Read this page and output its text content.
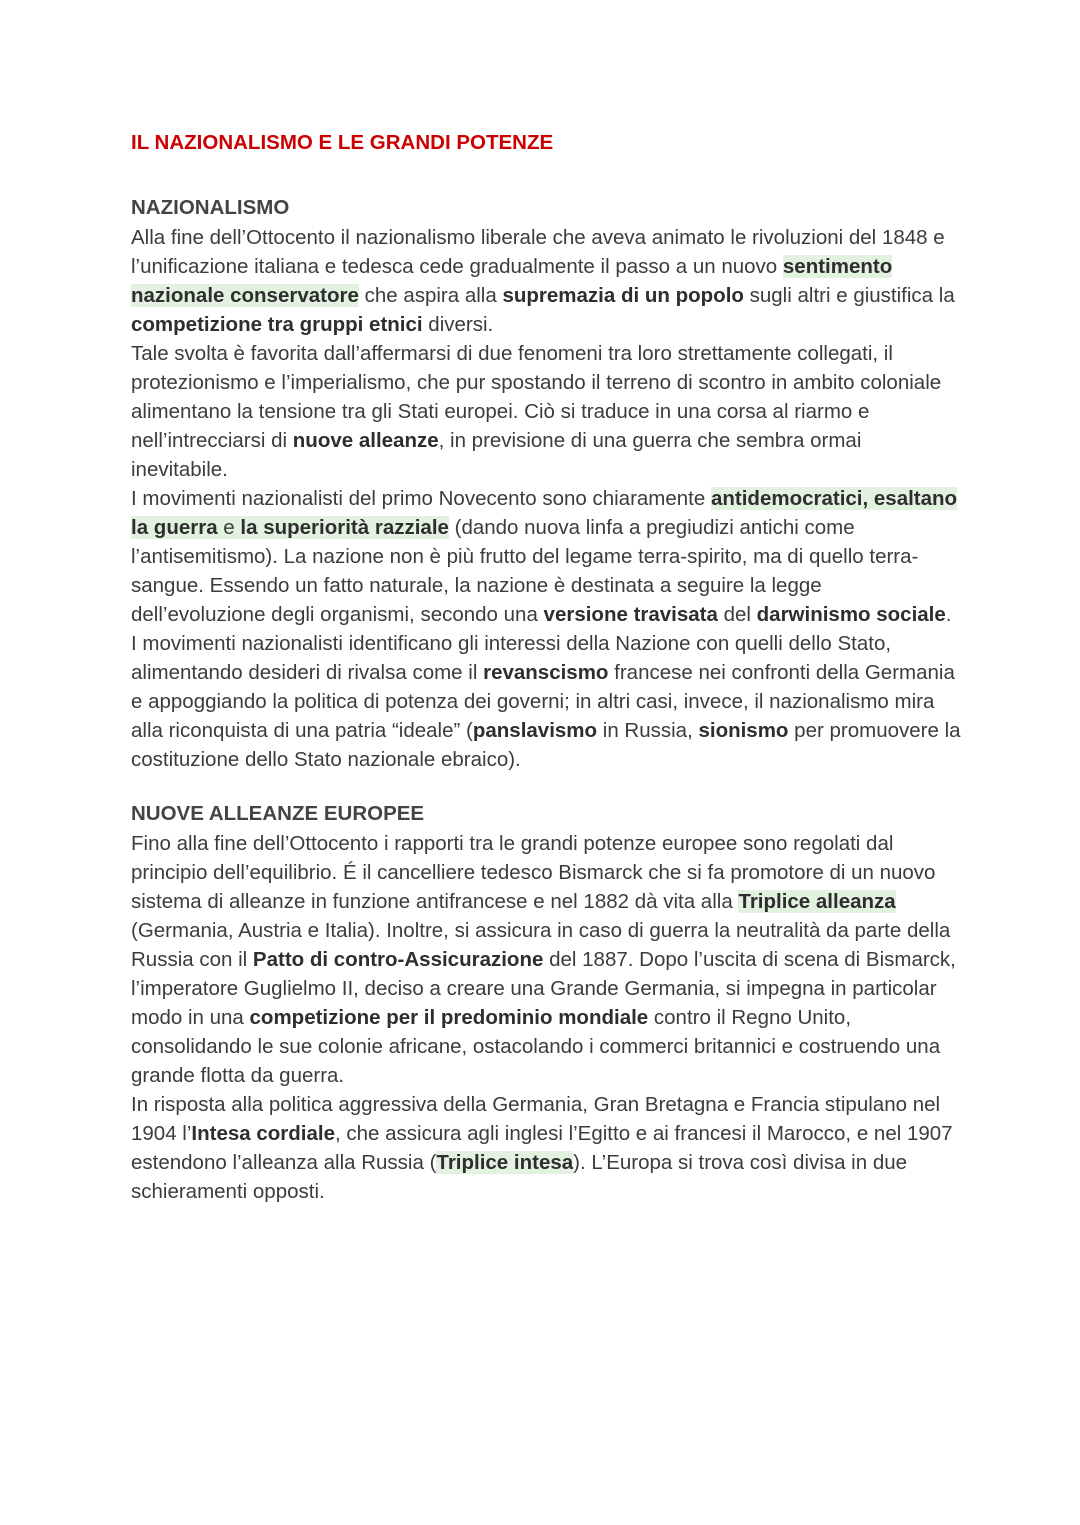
IL NAZIONALISMO E LE GRANDI POTENZE
NAZIONALISMO

Alla fine dell’Ottocento il nazionalismo liberale che aveva animato le rivoluzioni del 1848 e l’unificazione italiana e tedesca cede gradualmente il passo a un nuovo sentimento nazionale conservatore che aspira alla supremazia di un popolo sugli altri e giustifica la competizione tra gruppi etnici diversi.

Tale svolta è favorita dall’affermarsi di due fenomeni tra loro strettamente collegati, il protezionismo e l’imperialismo, che pur spostando il terreno di scontro in ambito coloniale alimentano la tensione tra gli Stati europei. Ciò si traduce in una corsa al riarmo e nell’intrecciarsi di nuove alleanze, in previsione di una guerra che sembra ormai inevitabile.

I movimenti nazionalisti del primo Novecento sono chiaramente antidemocratici, esaltano la guerra e la superiorità razziale (dando nuova linfa a pregiudizi antichi come l’antisemitismo). La nazione non è più frutto del legame terra-spirito, ma di quello terra-sangue. Essendo un fatto naturale, la nazione è destinata a seguire la legge dell’evoluzione degli organismi, secondo una versione travisata del darwinismo sociale. I movimenti nazionalisti identificano gli interessi della Nazione con quelli dello Stato, alimentando desideri di rivalsa come il revanscismo francese nei confronti della Germania e appoggiando la politica di potenza dei governi; in altri casi, invece, il nazionalismo mira alla riconquista di una patria “ideale” (panslavismo in Russia, sionismo per promuovere la costituzione dello Stato nazionale ebraico).

NUOVE ALLEANZE EUROPEE

Fino alla fine dell’Ottocento i rapporti tra le grandi potenze europee sono regolati dal principio dell’equilibrio. É il cancelliere tedesco Bismarck che si fa promotore di un nuovo sistema di alleanze in funzione antifrancese e nel 1882 dà vita alla Triplice alleanza (Germania, Austria e Italia). Inoltre, si assicura in caso di guerra la neutralità da parte della Russia con il Patto di contro-Assicurazione del 1887. Dopo l’uscita di scena di Bismarck, l’imperatore Guglielmo II, deciso a creare una Grande Germania, si impegna in particolar modo in una competizione per il predominio mondiale contro il Regno Unito, consolidando le sue colonie africane, ostacolando i commerci britannici e costruendo una grande flotta da guerra.

In risposta alla politica aggressiva della Germania, Gran Bretagna e Francia stipulano nel 1904 l’Intesa cordiale, che assicura agli inglesi l’Egitto e ai francesi il Marocco, e nel 1907 estendono l’alleanza alla Russia (Triplice intesa). L’Europa si trova così divisa in due schieramenti opposti.
